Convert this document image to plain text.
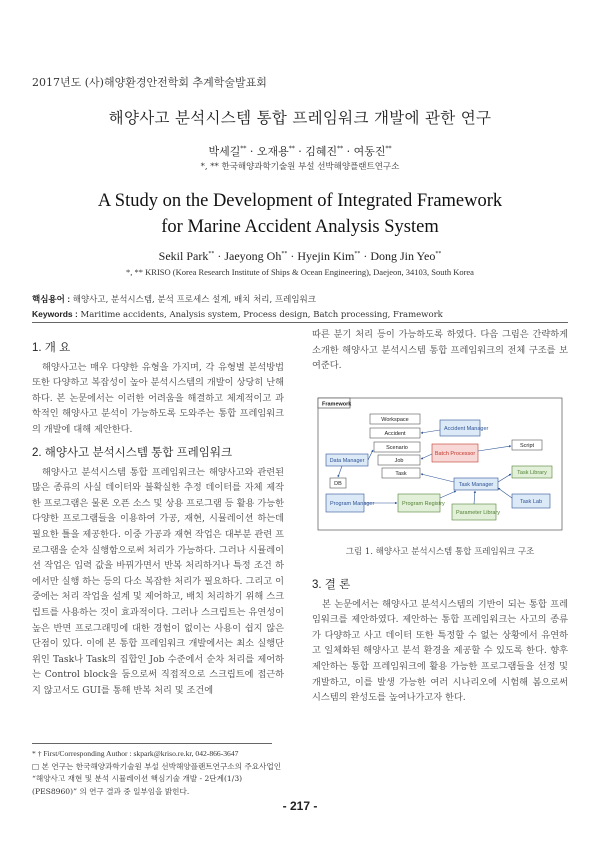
2017년도 (사)해양환경안전학회 추계학술발표회
해양사고 분석시스템 통합 프레임워크 개발에 관한 연구
박세길** · 오재용** · 김혜진** · 여동진**
*, ** 한국해양과학기술원 부설 선박해양플랜트연구소
A Study on the Development of Integrated Framework
for Marine Accident Analysis System
Sekil Park** · Jaeyong Oh** · Hyejin Kim** · Dong Jin Yeo**
*, ** KRISO (Korea Research Institute of Ships & Ocean Engineering), Daejeon, 34103, South Korea
핵심용어 : 해양사고, 분석시스템, 분석 프로세스 설계, 배치 처리, 프레임워크
Keywords : Maritime accidents, Analysis system, Process design, Batch processing, Framework
1. 개 요

해양사고는 매우 다양한 유형을 가지며, 각 유형별 분석방법 또한 다양하고 복잡성이 높아 분석시스템의 개발이 상당히 난해하다. 본 논문에서는 이러한 어려움을 해결하고 체계적이고 과학적인 해양사고 분석이 가능하도록 도와주는 통합 프레임워크의 개발에 대해 제안한다.

2. 해양사고 분석시스템 통합 프레임워크

해양사고 분석시스템 통합 프레임워크는 해양사고와 관련된 많은 종류의 사실 데이터와 불확실한 추정 데이터를 자체 제작한 프로그램은 물론 오픈 소스 및 상용 프로그램 등 활용 가능한 다양한 프로그램들을 이용하여 가공, 재현, 시뮬레이션 하는데 필요한 틀을 제공한다. 이중 가공과 재현 작업은 대부분 관련 프로그램을 순차 실행함으로써 처리가 가능하다. 그러나 시뮬레이션 작업은 입력 값을 바꿔가면서 반복 처리하거나 특정 조건 하에서만 실행 하는 등의 다소 복잡한 처리가 필요하다. 그리고 이 중에는 처리 작업을 설계 및 제어하고, 배치 처리하기 위해 스크립트를 사용하는 것이 효과적이다. 그러나 스크립트는 유연성이 높은 반면 프로그래밍에 대한 경험이 없이는 사용이 쉽지 않은 단점이 있다. 이에 본 통합 프레임워크 개발에서는 최소 실행단위인 Task나 Task의 집합인 Job 수준에서 순차 처리를 제어하는 Control block을 둠으로써 직접적으로 스크립트에 접근하지 않고서도 GUI를 통해 반복 처리 및 조건에

따른 분기 처리 등이 가능하도록 하였다. 다음 그림은 간략하게 소개한 해양사고 분석시스템 통합 프레임워크의 전체 구조를 보여준다.

Framework
Workspace
Accident
Scenario
Job
Task
Accident Manager
Batch Processor
Script
Data Manager
DB
Task Library
Task Manager
Program Manager	Program Registry
Parameter Library
Task Lab
그림 1. 해양사고 분석시스템 통합 프레임워크 구조
3. 결 론

본 논문에서는 해양사고 분석시스템의 기반이 되는 통합 프레임워크를 제안하였다. 제안하는 통합 프레임워크는 사고의 종류가 다양하고 사고 데이터 또한 특정할 수 없는 상황에서 유연하고 일체화된 해양사고 분석 환경을 제공할 수 있도록 한다. 향후 제안하는 통합 프레임워크에 활용 가능한 프로그램들을 선정 및 개발하고, 이를 발생 가능한 여러 시나리오에 시험해 봄으로써 시스템의 완성도를 높여나가고자 한다.

* † First/Corresponding Author : skpark@kriso.re.kr, 042-866-3647
□ 본 연구는 한국해양과학기술원 부설 선박해양플랜트연구소의 주요사업인 “해양사고 재현 및 분석 시뮬레이션 핵심기술 개발 - 2단계(1/3) (PES8960)” 의 연구 결과 중 일부임을 밝힌다.
- 217 -
